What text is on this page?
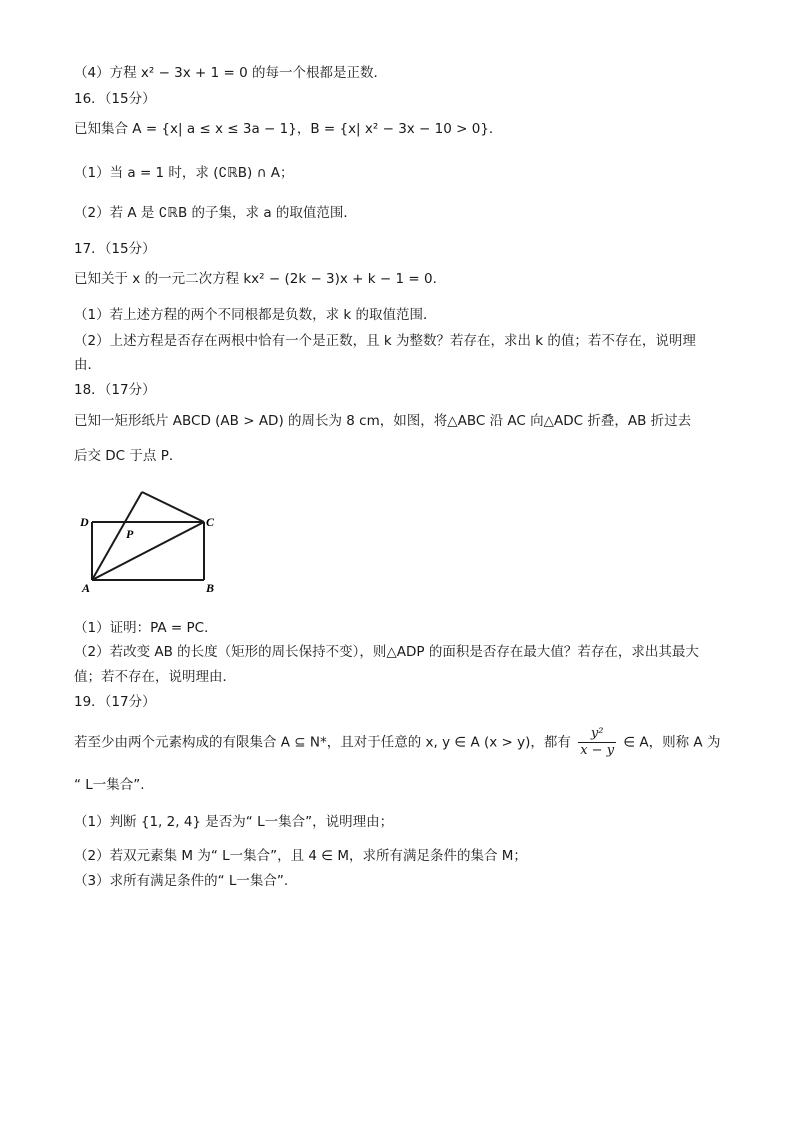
（4）方程 x² − 3x + 1 = 0 的每一个根都是正数．
16．（15分）
已知集合 A = {x| a ≤ x ≤ 3a − 1}，B = {x| x² − 3x − 10 > 0}．
（1）当 a = 1 时，求 (∁ℝB) ∩ A；
（2）若 A 是 ∁ℝB 的子集，求 a 的取值范围．
17．（15分）
已知关于 x 的一元二次方程 kx² − (2k − 3)x + k − 1 = 0．
（1）若上述方程的两个不同根都是负数，求 k 的取值范围．
（2）上述方程是否存在两根中恰有一个是正数，且 k 为整数？若存在，求出 k 的值；若不存在，说明理
由．
18．（17分）
已知一矩形纸片 ABCD (AB > AD) 的周长为 8 cm，如图，将△ABC 沿 AC 向△ADC 折叠，AB 折过去
后交 DC 于点 P．
D	C
P
A	B
（1）证明：PA = PC．
（2）若改变 AB 的长度（矩形的周长保持不变），则△ADP 的面积是否存在最大值？若存在，求出其最大
值；若不存在，说明理由．
19．（17分）
若至少由两个元素构成的有限集合 A ⊆ N*，且对于任意的 x, y ∈ A (x > y)，都有 $\frac{\text{y²}}{x - y}$ ∈ A，则称 A 为
“ L一集合”.
（1）判断 {1, 2, 4} 是否为“ L一集合”，说明理由；
（2）若双元素集 M 为“ L一集合”，且 4 ∈ M，求所有满足条件的集合 M；
（3）求所有满足条件的“ L一集合”.
